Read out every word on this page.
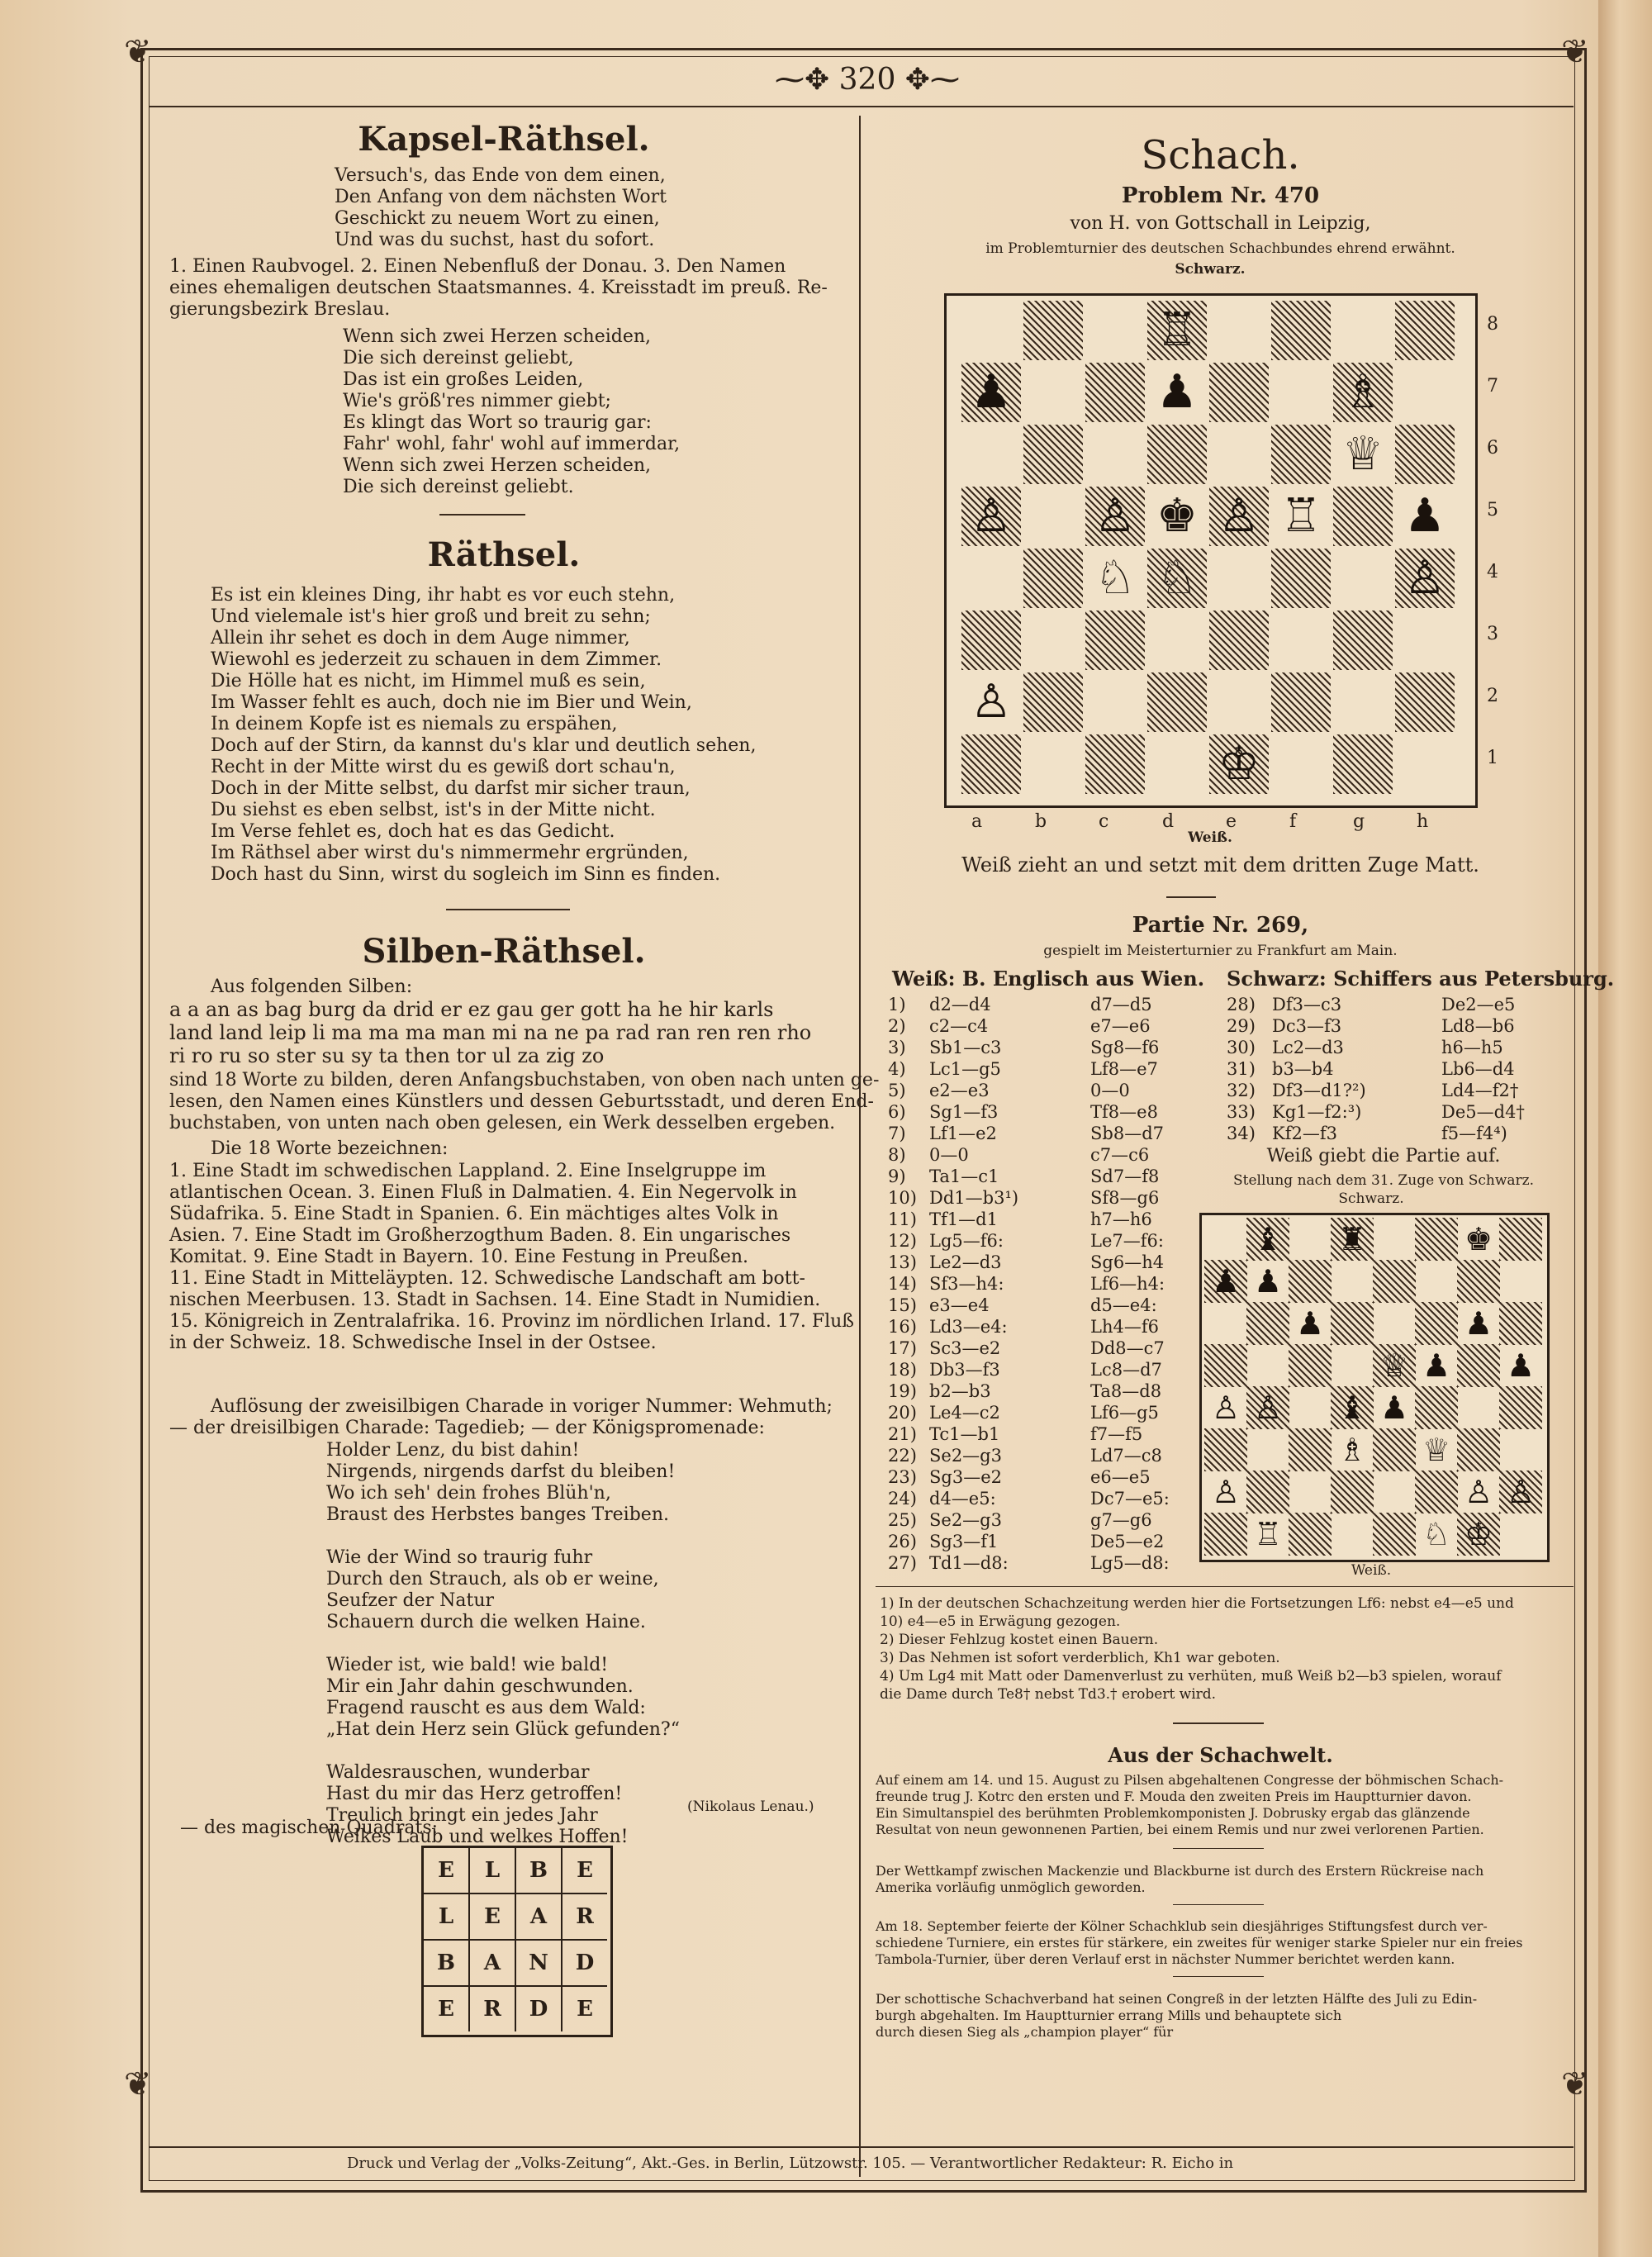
❦	❦
❦	❦
⁓✥ 320 ✥⁓
Kapsel-Räthsel.
Versuch's, das Ende von dem einen,
Den Anfang von dem nächsten Wort
Geschickt zu neuem Wort zu einen,
Und was du suchst, hast du sofort.
1. Einen Raubvogel. 2. Einen Nebenfluß der Donau. 3. Den Namen
eines ehemaligen deutschen Staatsmannes. 4. Kreisstadt im preuß. Re-
gierungsbezirk Breslau.
Wenn sich zwei Herzen scheiden,
Die sich dereinst geliebt,
Das ist ein großes Leiden,
Wie's größ'res nimmer giebt;
Es klingt das Wort so traurig gar:
Fahr' wohl, fahr' wohl auf immerdar,
Wenn sich zwei Herzen scheiden,
Die sich dereinst geliebt.
Räthsel.
Es ist ein kleines Ding, ihr habt es vor euch stehn,
Und vielemale ist's hier groß und breit zu sehn;
Allein ihr sehet es doch in dem Auge nimmer,
Wiewohl es jederzeit zu schauen in dem Zimmer.
Die Hölle hat es nicht, im Himmel muß es sein,
Im Wasser fehlt es auch, doch nie im Bier und Wein,
In deinem Kopfe ist es niemals zu erspähen,
Doch auf der Stirn, da kannst du's klar und deutlich sehen,
Recht in der Mitte wirst du es gewiß dort schau'n,
Doch in der Mitte selbst, du darfst mir sicher traun,
Du siehst es eben selbst, ist's in der Mitte nicht.
Im Verse fehlet es, doch hat es das Gedicht.
Im Räthsel aber wirst du's nimmermehr ergründen,
Doch hast du Sinn, wirst du sogleich im Sinn es finden.
Silben-Räthsel.
Aus folgenden Silben:
a a an as bag burg da drid er ez gau ger gott ha he hir karls
land land leip li ma ma ma man mi na ne pa rad ran ren ren rho
ri ro ru so ster su sy ta then tor ul za zig zo
sind 18 Worte zu bilden, deren Anfangsbuchstaben, von oben nach unten ge-
lesen, den Namen eines Künstlers und dessen Geburtsstadt, und deren End-
buchstaben, von unten nach oben gelesen, ein Werk desselben ergeben.
Die 18 Worte bezeichnen:
1. Eine Stadt im schwedischen Lappland. 2. Eine Inselgruppe im
atlantischen Ocean. 3. Einen Fluß in Dalmatien. 4. Ein Negervolk in
Südafrika. 5. Eine Stadt in Spanien. 6. Ein mächtiges altes Volk in
Asien. 7. Eine Stadt im Großherzogthum Baden. 8. Ein ungarisches
Komitat. 9. Eine Stadt in Bayern. 10. Eine Festung in Preußen.
11. Eine Stadt in Mitteläypten. 12. Schwedische Landschaft am bott-
nischen Meerbusen. 13. Stadt in Sachsen. 14. Eine Stadt in Numidien.
15. Königreich in Zentralafrika. 16. Provinz im nördlichen Irland. 17. Fluß
in der Schweiz. 18. Schwedische Insel in der Ostsee.
Auflösung der zweisilbigen Charade in voriger Nummer: Wehmuth;
— der dreisilbigen Charade: Tagedieb; — der Königspromenade:
Holder Lenz, du bist dahin!
Nirgends, nirgends darfst du bleiben!
Wo ich seh' dein frohes Blüh'n,
Braust des Herbstes banges Treiben.

Wie der Wind so traurig fuhr
Durch den Strauch, als ob er weine,
Seufzer der Natur
Schauern durch die welken Haine.

Wieder ist, wie bald! wie bald!
Mir ein Jahr dahin geschwunden.
Fragend rauscht es aus dem Wald:
„Hat dein Herz sein Glück gefunden?“

Waldesrauschen, wunderbar
Hast du mir das Herz getroffen!
Treulich bringt ein jedes Jahr
Welkes Laub und welkes Hoffen!
(Nikolaus Lenau.)
— des magischen Quadrats:
E	L	B	E
L	E	A	R
B	A	N	D
E	R	D	E
Schach.
Problem Nr. 470
von H. von Gottschall in Leipzig,
im Problemturnier des deutschen Schachbundes ehrend erwähnt.
Schwarz.
♖
♟	♟	♗
♕
♙ ♙ ♚ ♙ ♖ ♟
♘ ♘	♙
♙
♔
8
7
6
5
4
3
2
1
a	b	c	d	e	f	g	h
Weiß.
Weiß zieht an und setzt mit dem dritten Zuge Matt.
Partie Nr. 269,
gespielt im Meisterturnier zu Frankfurt am Main.
Weiß: B. Englisch aus Wien. Schwarz: Schiffers aus Petersburg.
1) d2—d4	d7—d5
2) c2—c4	e7—e6
3) Sb1—c3	Sg8—f6
4) Lc1—g5	Lf8—e7
5) e2—e3	0—0
6) Sg1—f3	Tf8—e8
7) Lf1—e2	Sb8—d7
8) 0—0	c7—c6
9) Ta1—c1	Sd7—f8
10) Dd1—b3¹)	Sf8—g6
11) Tf1—d1	h7—h6
12) Lg5—f6:	Le7—f6:
13) Le2—d3	Sg6—h4
14) Sf3—h4:	Lf6—h4:
15) e3—e4	d5—e4:
16) Ld3—e4:	Lh4—f6
17) Sc3—e2	Dd8—c7
18) Db3—f3	Lc8—d7
19) b2—b3	Ta8—d8
20) Le4—c2	Lf6—g5
21) Tc1—b1	f7—f5
22) Se2—g3	Ld7—c8
23) Sg3—e2	e6—e5
24) d4—e5:	Dc7—e5:
25) Se2—g3	g7—g6
26) Sg3—f1	De5—e2
27) Td1—d8:	Lg5—d8:
28) Df3—c3	De2—e5
29) Dc3—f3	Ld8—b6
30) Lc2—d3	h6—h5
31) b3—b4	Lb6—d4
32) Df3—d1?²)	Ld4—f2†
33) Kg1—f2:³)	De5—d4†
34) Kf2—f3	f5—f4⁴)
Weiß giebt die Partie auf.
Stellung nach dem 31. Zuge von Schwarz.
Schwarz.
♝ ♜	♚
♟ ♟
♟	♟
♕ ♟ ♟
♙ ♙ ♝ ♟
♗ ♕
♙	♙ ♙
♖	♘ ♔
Weiß.
1) In der deutschen Schachzeitung werden hier die Fortsetzungen Lf6: nebst e4—e5 und
10) e4—e5 in Erwägung gezogen.
2) Dieser Fehlzug kostet einen Bauern.
3) Das Nehmen ist sofort verderblich, Kh1 war geboten.
4) Um Lg4 mit Matt oder Damenverlust zu verhüten, muß Weiß b2—b3 spielen, worauf
die Dame durch Te8† nebst Td3.† erobert wird.
Aus der Schachwelt.
Auf einem am 14. und 15. August zu Pilsen abgehaltenen Congresse der böhmischen Schach-
freunde trug J. Kotrc den ersten und F. Mouda den zweiten Preis im Hauptturnier davon.
Ein Simultanspiel des berühmten Problemkomponisten J. Dobrusky ergab das glänzende
Resultat von neun gewonnenen Partien, bei einem Remis und nur zwei verlorenen Partien.
Der Wettkampf zwischen Mackenzie und Blackburne ist durch des Erstern Rückreise nach
Amerika vorläufig unmöglich geworden.
Am 18. September feierte der Kölner Schachklub sein diesjähriges Stiftungsfest durch ver-
schiedene Turniere, ein erstes für stärkere, ein zweites für weniger starke Spieler nur ein freies
Tambola-Turnier, über deren Verlauf erst in nächster Nummer berichtet werden kann.
Der schottische Schachverband hat seinen Congreß in der letzten Hälfte des Juli zu Edin-
burgh abgehalten. Im Hauptturnier errang Mills und behauptete sich
durch diesen Sieg als „champion player“ für
Druck und Verlag der „Volks-Zeitung“, Akt.-Ges. in Berlin, Lützowstr. 105. — Verantwortlicher Redakteur: R. Eicho in
